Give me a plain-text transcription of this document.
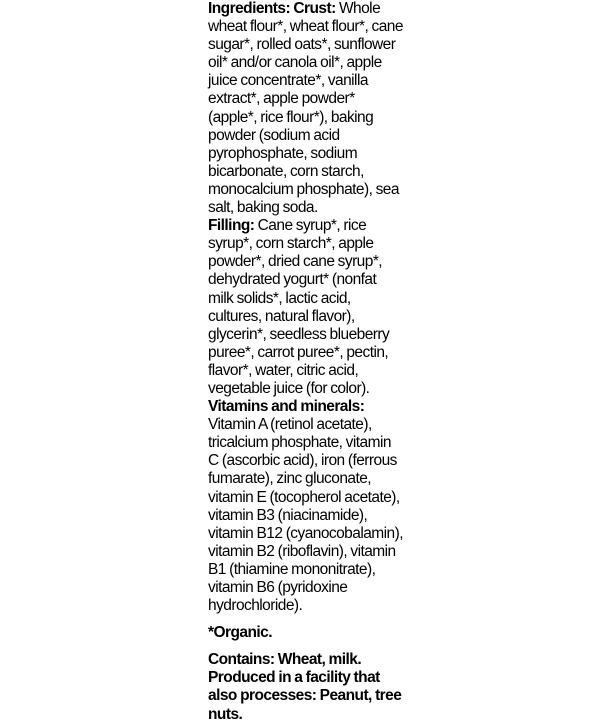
Ingredients: Crust: Whole wheat flour*, wheat flour*, cane sugar*, rolled oats*, sunflower oil* and/or canola oil*, apple juice concentrate*, vanilla extract*, apple powder* (apple*, rice flour*), baking powder (sodium acid pyrophosphate, sodium bicarbonate, corn starch, monocalcium phosphate), sea salt, baking soda.

Filling: Cane syrup*, rice syrup*, corn starch*, apple powder*, dried cane syrup*, dehydrated yogurt* (nonfat milk solids*, lactic acid, cultures, natural flavor), glycerin*, seedless blueberry puree*, carrot puree*, pectin, flavor*, water, citric acid, vegetable juice (for color).

Vitamins and minerals: Vitamin A (retinol acetate), tricalcium phosphate, vitamin C (ascorbic acid), iron (ferrous fumarate), zinc gluconate, vitamin E (tocopherol acetate), vitamin B3 (niacinamide), vitamin B12 (cyanocobalamin), vitamin B2 (riboflavin), vitamin B1 (thiamine mononitrate), vitamin B6 (pyridoxine hydrochloride).

*Organic.

Contains: Wheat, milk.

Produced in a facility that also processes: Peanut, tree nuts.
